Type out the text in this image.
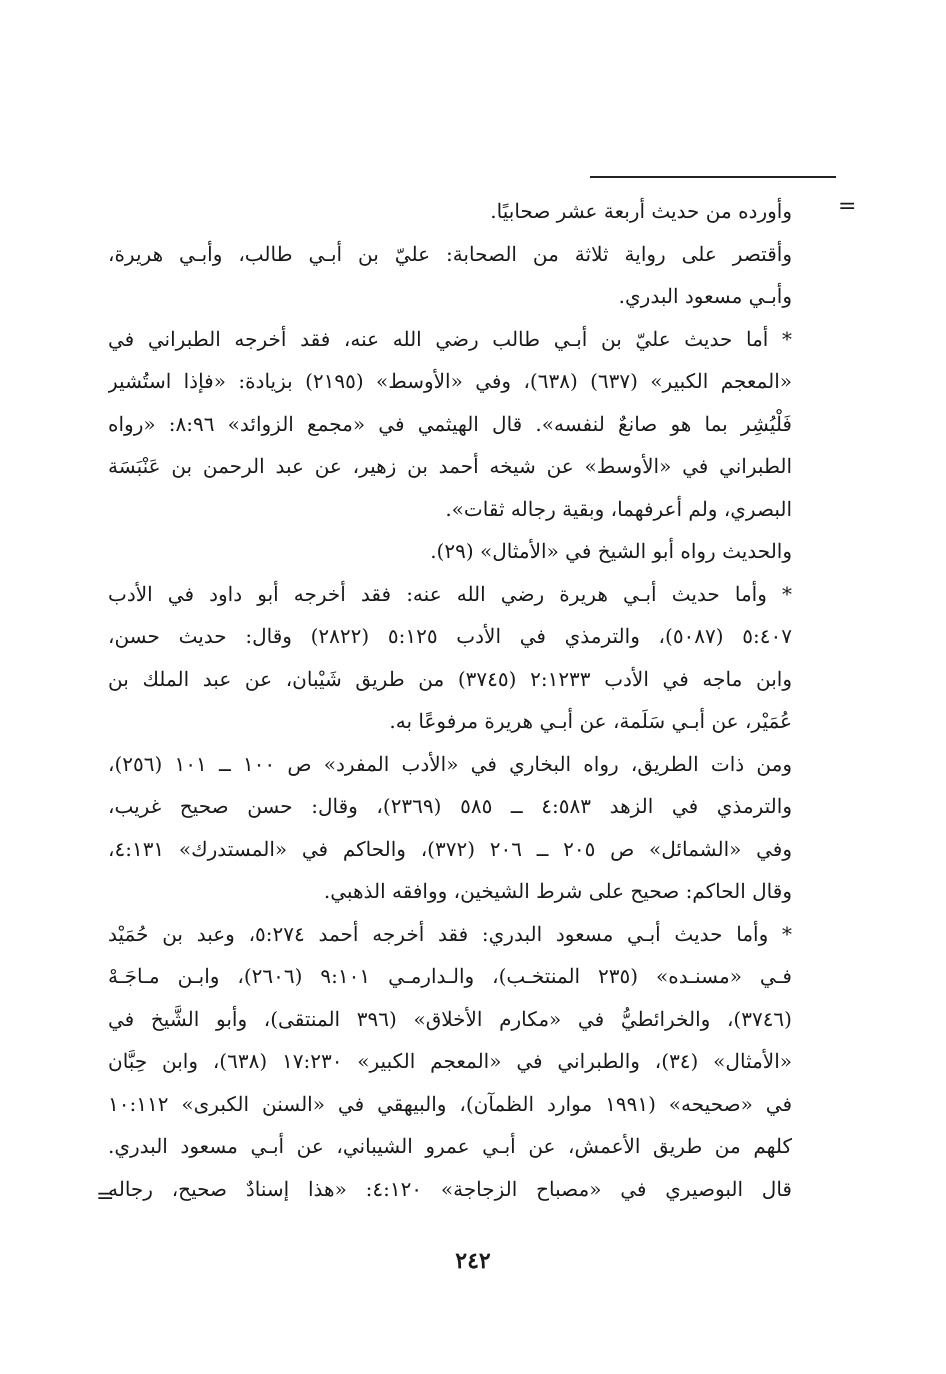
=
وأورده من حديث أربعة عشر صحابيًا.
وأقتصر على رواية ثلاثة من الصحابة: عليّ بن أبـي طالب، وأبـي هريرة،
وأبـي مسعود البدري.
* أما حديث عليّ بن أبـي طالب رضي الله عنه، فقد أخرجه الطبراني في
«المعجم الكبير» (٦٣٧) (٦٣٨)، وفي «الأوسط» (٢١٩٥) بزيادة: «فإذا استُشير
فَلْيُشِر بما هو صانعٌ لنفسه». قال الهيثمي في «مجمع الزوائد» ٨:٩٦: «رواه
الطبراني في «الأوسط» عن شيخه أحمد بن زهير، عن عبد الرحمن بن عَنْبَسَة
البصري، ولم أعرفهما، وبقية رجاله ثقات».
والحديث رواه أبو الشيخ في «الأمثال» (٢٩).
* وأما حديث أبـي هريرة رضي الله عنه: فقد أخرجه أبو داود في الأدب
٥:٤٠٧ (٥٠٨٧)، والترمذي في الأدب ٥:١٢٥ (٢٨٢٢) وقال: حديث حسن،
وابن ماجه في الأدب ٢:١٢٣٣ (٣٧٤٥) من طريق شَيْبان، عن عبد الملك بن
عُمَيْر، عن أبـي سَلَمة، عن أبـي هريرة مرفوعًا به.
ومن ذات الطريق، رواه البخاري في «الأدب المفرد» ص ١٠٠ ــ ١٠١ (٢٥٦)،
والترمذي في الزهد ٤:٥٨٣ ــ ٥٨٥ (٢٣٦٩)، وقال: حسن صحيح غريب،
وفي «الشمائل» ص ٢٠٥ ــ ٢٠٦ (٣٧٢)، والحاكم في «المستدرك» ٤:١٣١،
وقال الحاكم: صحيح على شرط الشيخين، ووافقه الذهبي.
* وأما حديث أبـي مسعود البدري: فقد أخرجه أحمد ٥:٢٧٤، وعبد بن حُمَيْد
فـي «مسنـده» (٢٣٥ المنتخـب)، والـدارمـي ٩:١٠١ (٢٦٠٦)، وابـن مـاجَـهْ
(٣٧٤٦)، والخرائطيُّ في «مكارم الأخلاق» (٣٩٦ المنتقى)، وأبو الشَّيخ في
«الأمثال» (٣٤)، والطبراني في «المعجم الكبير» ١٧:٢٣٠ (٦٣٨)، وابن حِبَّان
في «صحيحه» (١٩٩١ موارد الظمآن)، والبيهقي في «السنن الكبرى» ١٠:١١٢
كلهم من طريق الأعمش، عن أبـي عمرو الشيباني، عن أبـي مسعود البدري.
قال البوصيري في «مصباح الزجاجة» ٤:١٢٠: «هذا إسنادٌ صحيح، رجاله
=
٢٤٢
